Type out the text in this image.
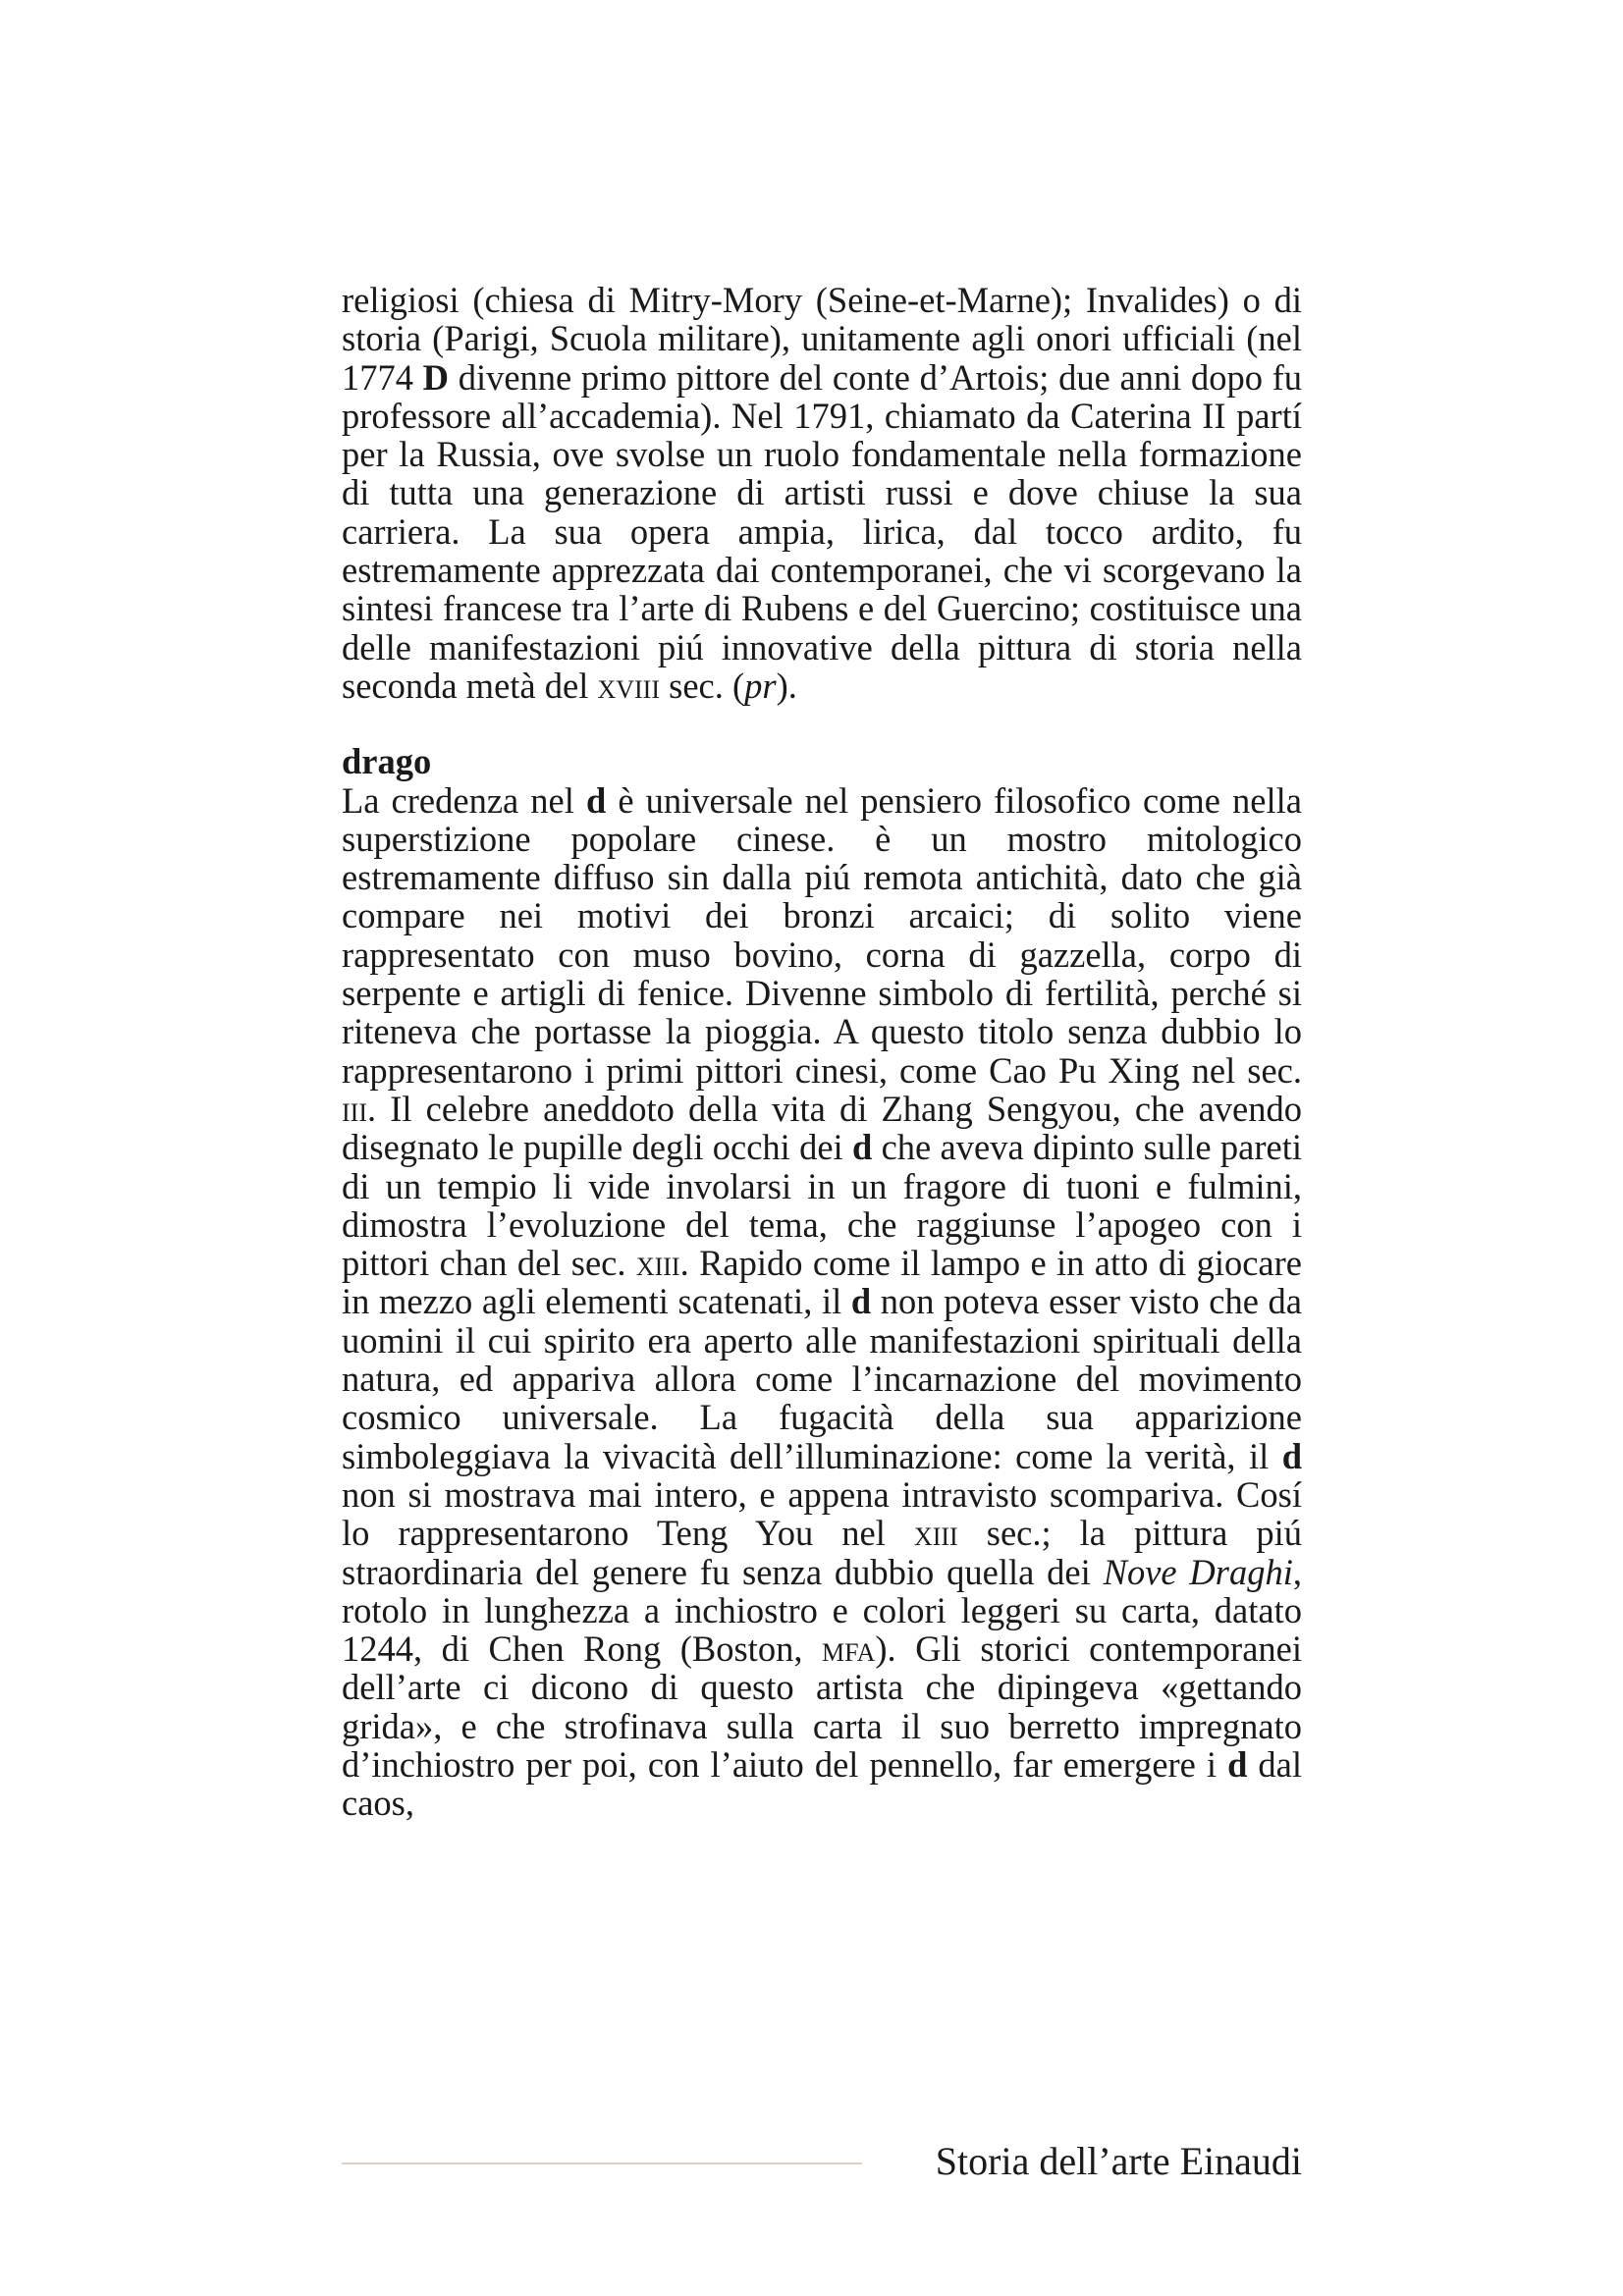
religiosi (chiesa di Mitry-Mory (Seine-et-Marne); Invalides) o di storia (Parigi, Scuola militare), unitamente agli onori ufficiali (nel 1774 D divenne primo pittore del conte d’Artois; due anni dopo fu professore all’accademia). Nel 1791, chiamato da Caterina II partí per la Russia, ove svolse un ruolo fondamentale nella formazione di tutta una generazione di artisti russi e dove chiuse la sua carriera. La sua opera ampia, lirica, dal tocco ardito, fu estremamente apprezzata dai contemporanei, che vi scorgevano la sintesi francese tra l’arte di Rubens e del Guercino; costituisce una delle manifestazioni piú innovative della pittura di storia nella seconda metà del xviii sec. (pr).

drago

La credenza nel d è universale nel pensiero filosofico come nella superstizione popolare cinese. è un mostro mitologico estremamente diffuso sin dalla piú remota antichità, dato che già compare nei motivi dei bronzi arcaici; di solito viene rappresentato con muso bovino, corna di gazzella, corpo di serpente e artigli di fenice. Divenne simbolo di fertilità, perché si riteneva che portasse la pioggia. A questo titolo senza dubbio lo rappresentarono i primi pittori cinesi, come Cao Pu Xing nel sec. iii. Il celebre aneddoto della vita di Zhang Sengyou, che avendo disegnato le pupille degli occhi dei d che aveva dipinto sulle pareti di un tempio li vide involarsi in un fragore di tuoni e fulmini, dimostra l’evoluzione del tema, che raggiunse l’apogeo con i pittori chan del sec. xiii. Rapido come il lampo e in atto di giocare in mezzo agli elementi scatenati, il d non poteva esser visto che da uomini il cui spirito era aperto alle manifestazioni spirituali della natura, ed appariva allora come l’incarnazione del movimento cosmico universale. La fugacità della sua apparizione simboleggiava la vivacità dell’illuminazione: come la verità, il d non si mostrava mai intero, e appena intravisto scompariva. Cosí lo rappresentarono Teng You nel xiii sec.; la pittura piú straordinaria del genere fu senza dubbio quella dei Nove Draghi, rotolo in lunghezza a inchiostro e colori leggeri su carta, datato 1244, di Chen Rong (Boston, mfa). Gli storici contemporanei dell’arte ci dicono di questo artista che dipingeva «gettando grida», e che strofinava sulla carta il suo berretto impregnato d’inchiostro per poi, con l’aiuto del pennello, far emergere i d dal caos,

Storia dell’arte Einaudi
